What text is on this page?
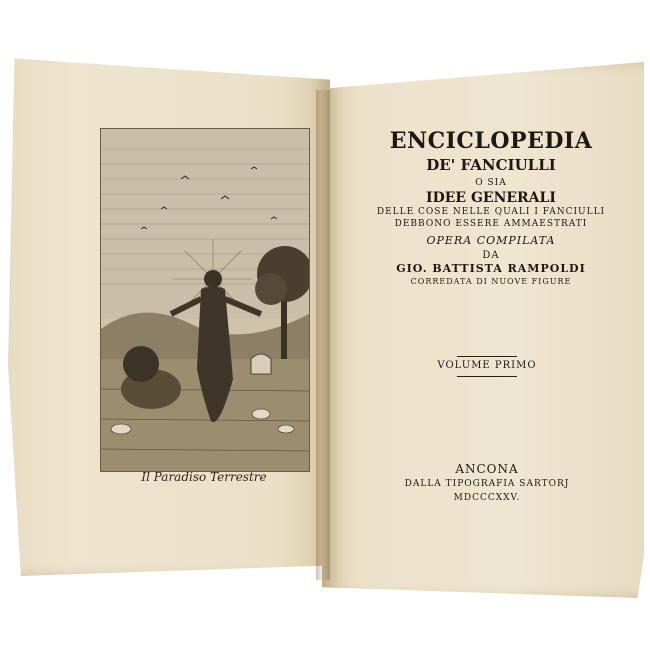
Il Paradiso Terrestre
ENCICLOPEDIA
DE' FANCIULLI
O SIA
IDEE GENERALI
DELLE COSE NELLE QUALI I FANCIULLI
DEBBONO ESSERE AMMAESTRATI
OPERA COMPILATA
DA
GIO. BATTISTA RAMPOLDI
CORREDATA DI NUOVE FIGURE
VOLUME PRIMO
ANCONA
DALLA TIPOGRAFIA SARTORJ
MDCCCXXV.
